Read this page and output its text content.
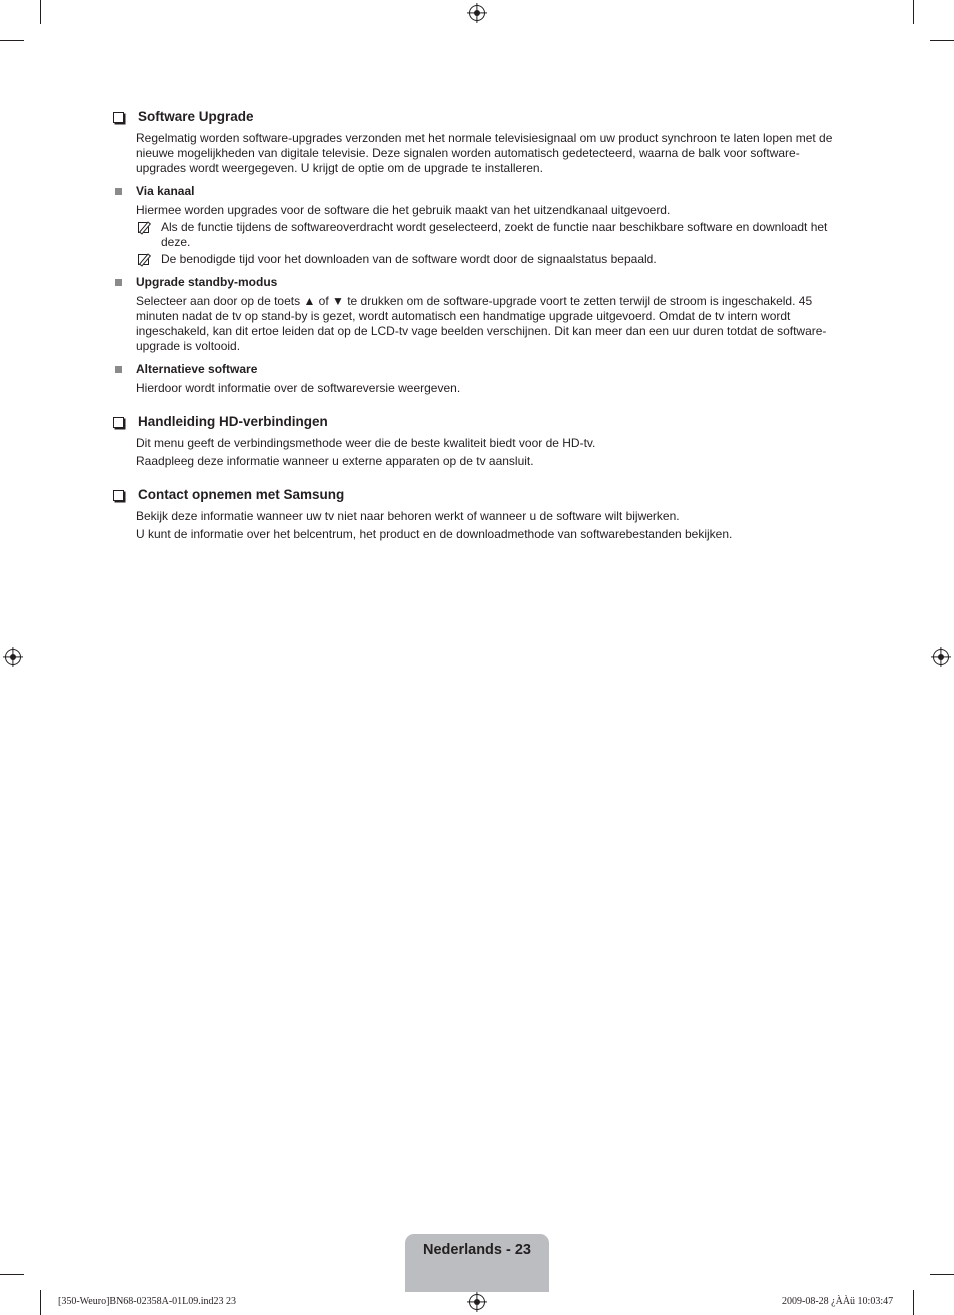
Software Upgrade
Regelmatig worden software-upgrades verzonden met het normale televisiesignaal om uw product synchroon te laten lopen met de nieuwe mogelijkheden van digitale televisie. Deze signalen worden automatisch gedetecteerd, waarna de balk voor software-upgrades wordt weergegeven. U krijgt de optie om de upgrade te installeren.
Via kanaal
Hiermee worden upgrades voor de software die het gebruik maakt van het uitzendkanaal uitgevoerd.
Als de functie tijdens de softwareoverdracht wordt geselecteerd, zoekt de functie naar beschikbare software en downloadt het deze.
De benodigde tijd voor het downloaden van de software wordt door de signaalstatus bepaald.
Upgrade standby-modus
Selecteer aan door op de toets ▲ of ▼ te drukken om de software-upgrade voort te zetten terwijl de stroom is ingeschakeld. 45 minuten nadat de tv op stand-by is gezet, wordt automatisch een handmatige upgrade uitgevoerd. Omdat de tv intern wordt ingeschakeld, kan dit ertoe leiden dat op de LCD-tv vage beelden verschijnen. Dit kan meer dan een uur duren totdat de software-upgrade is voltooid.
Alternatieve software
Hierdoor wordt informatie over de softwareversie weergeven.
Handleiding HD-verbindingen
Dit menu geeft de verbindingsmethode weer die de beste kwaliteit biedt voor de HD-tv.
Raadpleeg deze informatie wanneer u externe apparaten op de tv aansluit.
Contact opnemen met Samsung
Bekijk deze informatie wanneer uw tv niet naar behoren werkt of wanneer u de software wilt bijwerken.
U kunt de informatie over het belcentrum, het product en de downloadmethode van softwarebestanden bekijken.
Nederlands - 23
[350-Weuro]BN68-02358A-01L09.ind23 23	2009-08-28 ¿ÀÀü 10:03:47
